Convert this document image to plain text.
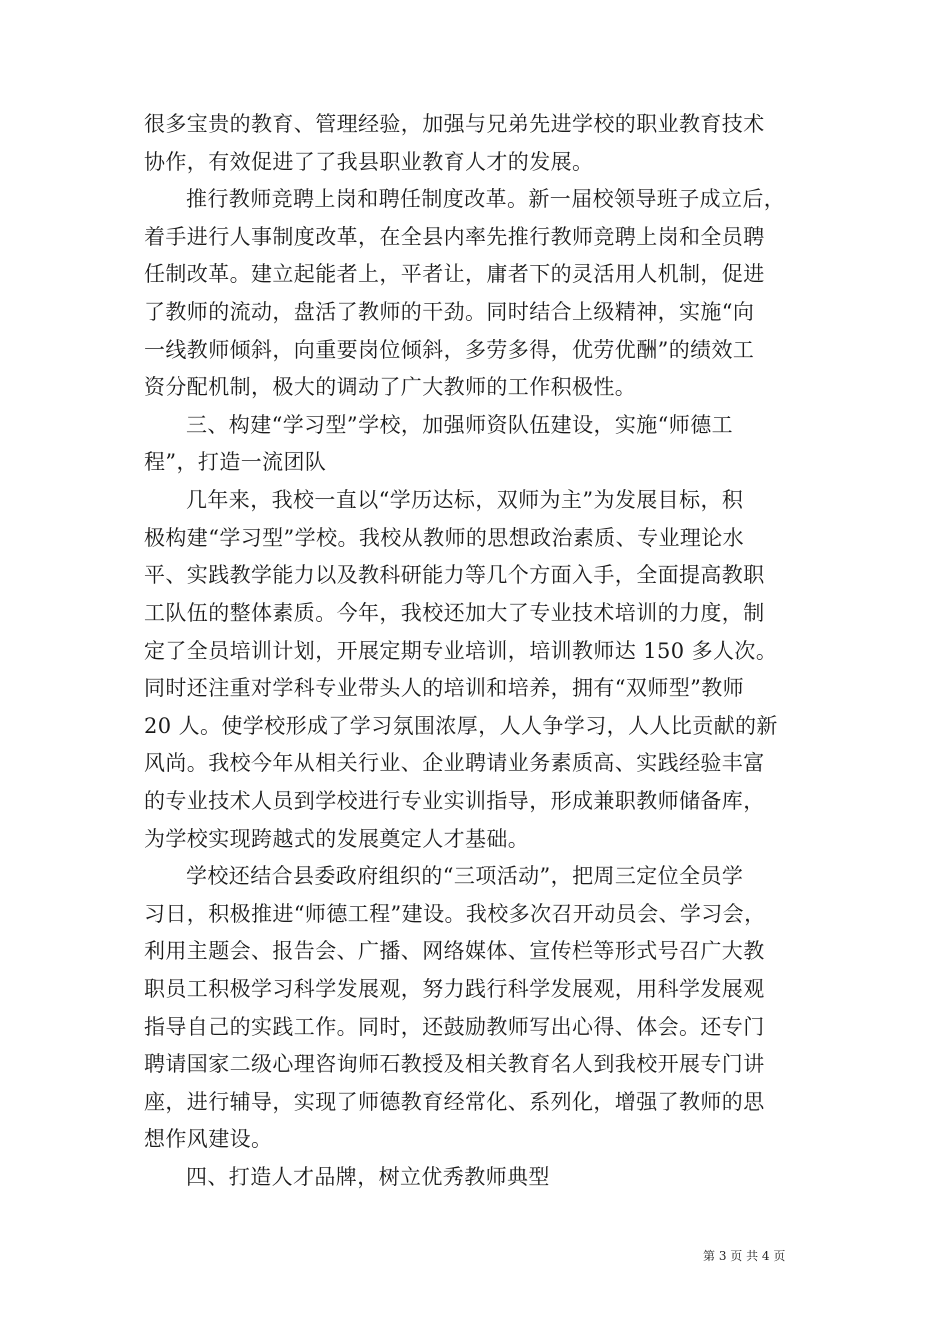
很多宝贵的教育、管理经验，加强与兄弟先进学校的职业教育技术
协作，有效促进了了我县职业教育人才的发展。
推行教师竞聘上岗和聘任制度改革。新一届校领导班子成立后，
着手进行人事制度改革，在全县内率先推行教师竞聘上岗和全员聘
任制改革。建立起能者上，平者让，庸者下的灵活用人机制，促进
了教师的流动，盘活了教师的干劲。同时结合上级精神，实施“向
一线教师倾斜，向重要岗位倾斜，多劳多得，优劳优酬”的绩效工
资分配机制，极大的调动了广大教师的工作积极性。
三、构建“学习型”学校，加强师资队伍建设，实施“师德工
程”，打造一流团队
几年来，我校一直以“学历达标，双师为主”为发展目标，积
极构建“学习型”学校。我校从教师的思想政治素质、专业理论水
平、实践教学能力以及教科研能力等几个方面入手，全面提高教职
工队伍的整体素质。今年，我校还加大了专业技术培训的力度，制
定了全员培训计划，开展定期专业培训，培训教师达 150 多人次。
同时还注重对学科专业带头人的培训和培养，拥有“双师型”教师
20 人。使学校形成了学习氛围浓厚，人人争学习，人人比贡献的新
风尚。我校今年从相关行业、企业聘请业务素质高、实践经验丰富
的专业技术人员到学校进行专业实训指导，形成兼职教师储备库，
为学校实现跨越式的发展奠定人才基础。
学校还结合县委政府组织的“三项活动”，把周三定位全员学
习日，积极推进“师德工程”建设。我校多次召开动员会、学习会，
利用主题会、报告会、广播、网络媒体、宣传栏等形式号召广大教
职员工积极学习科学发展观，努力践行科学发展观，用科学发展观
指导自己的实践工作。同时，还鼓励教师写出心得、体会。还专门
聘请国家二级心理咨询师石教授及相关教育名人到我校开展专门讲
座，进行辅导，实现了师德教育经常化、系列化，增强了教师的思
想作风建设。
四、打造人才品牌，树立优秀教师典型
第 3 页 共 4 页
